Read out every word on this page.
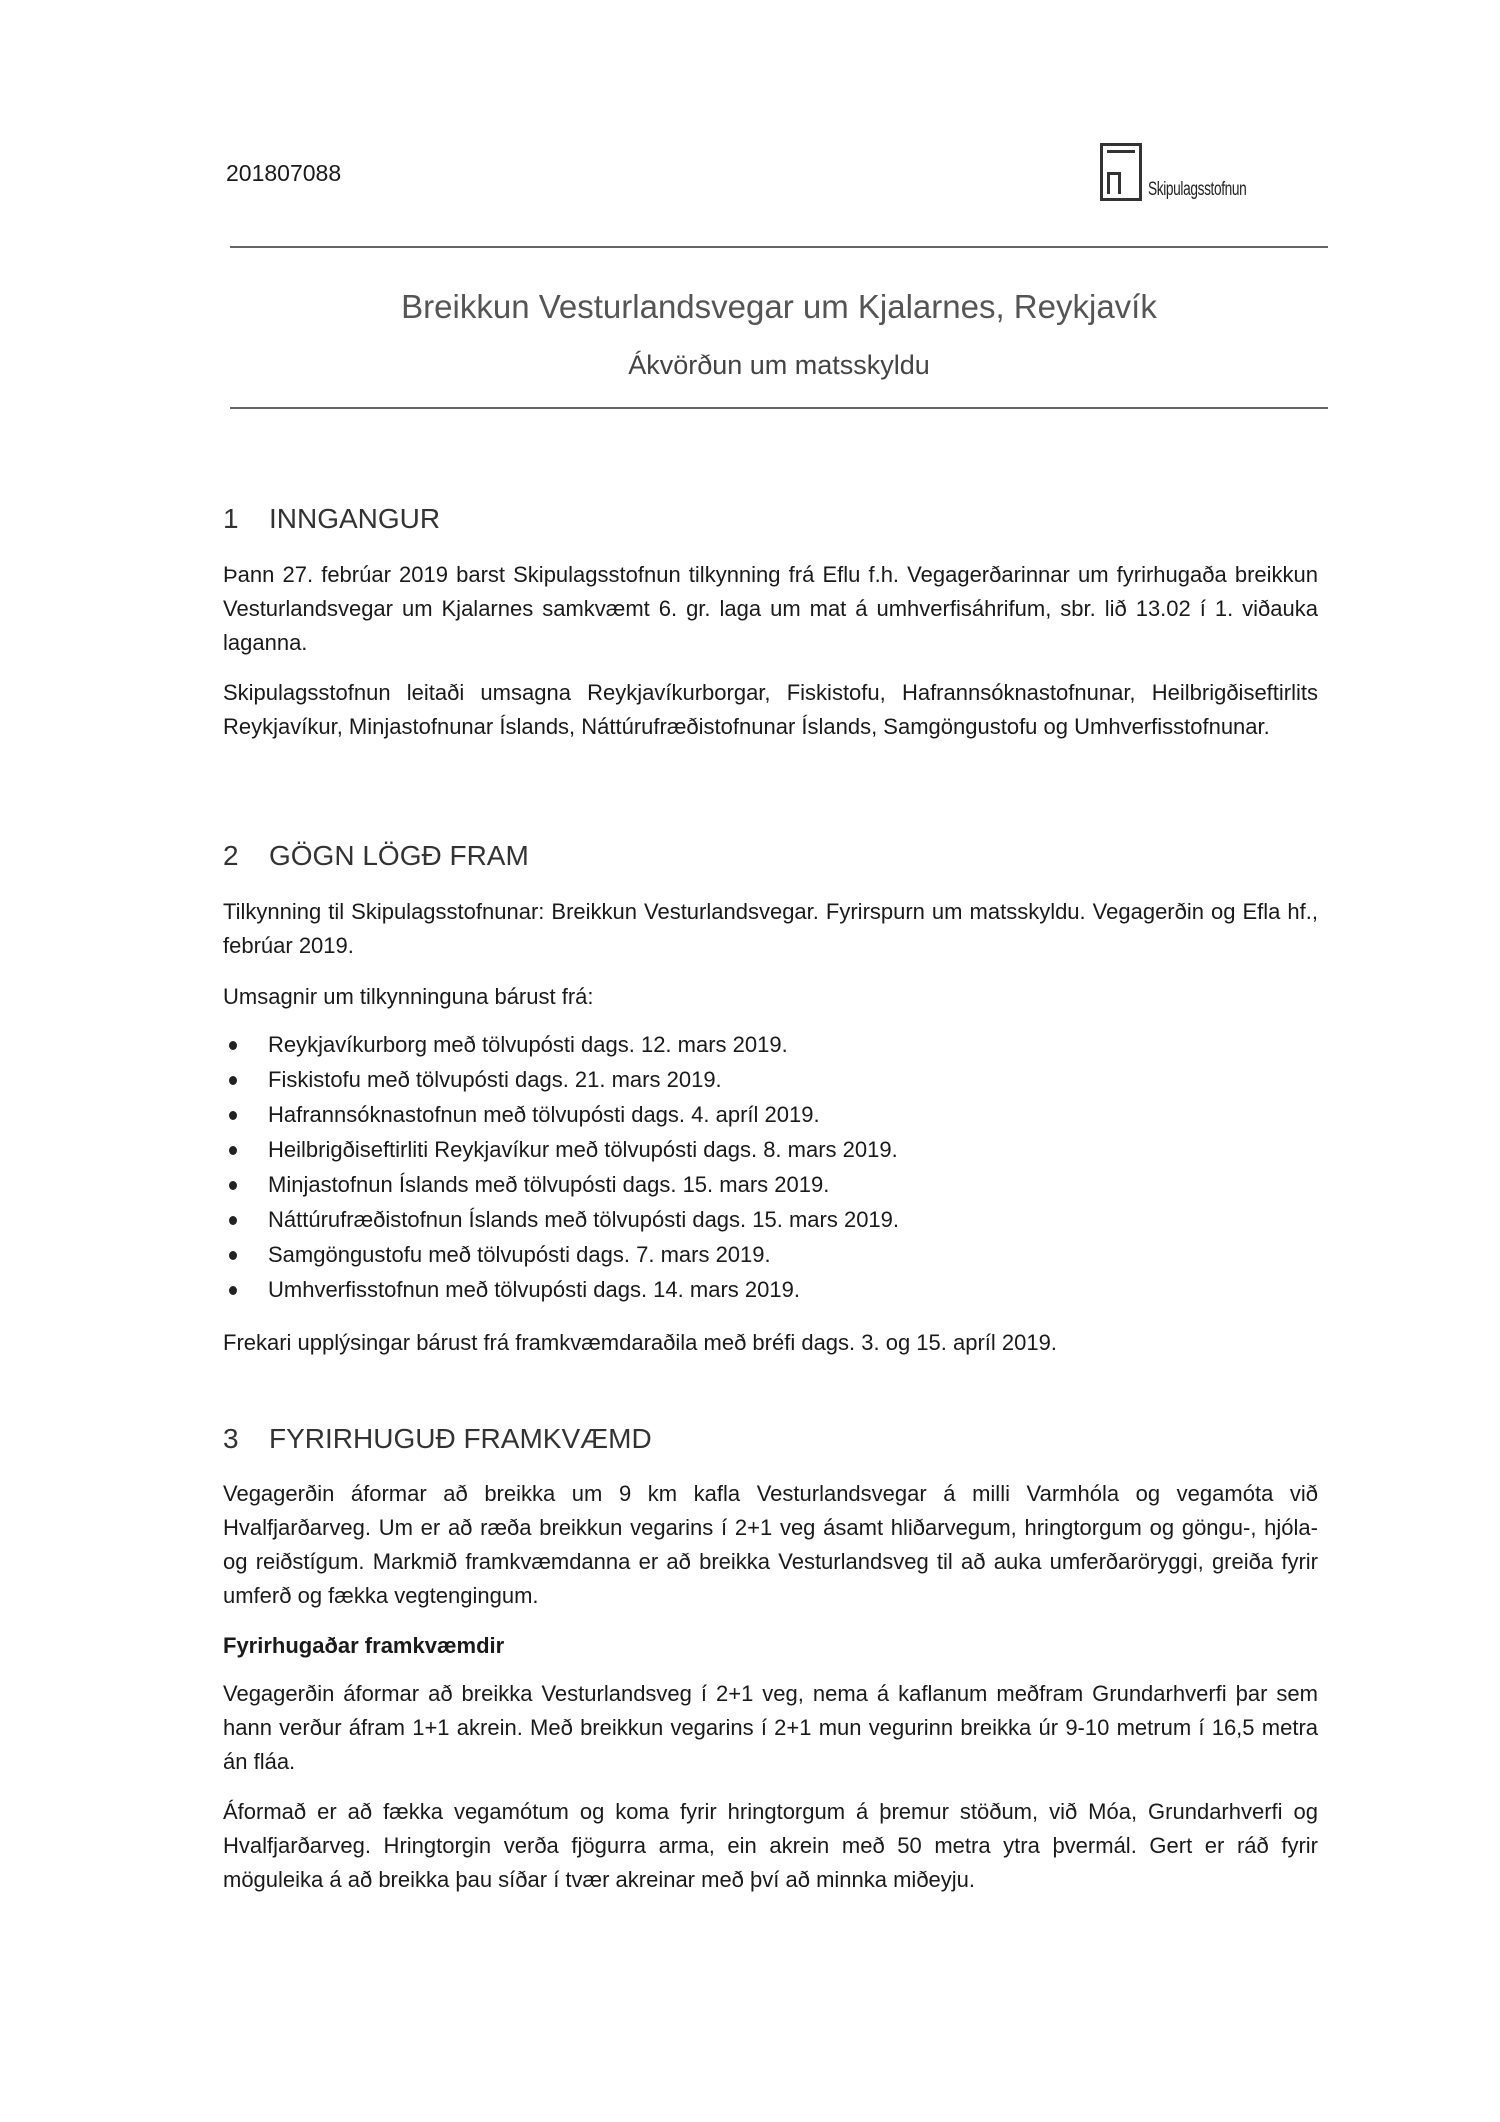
201807088
Skipulagsstofnun
Breikkun Vesturlandsvegar um Kjalarnes, Reykjavík
Ákvörðun um matsskyldu
1 INNGANGUR
Þann 27. febrúar 2019 barst Skipulagsstofnun tilkynning frá Eflu f.h. Vegagerðarinnar um fyrirhugaða breikkun Vesturlandsvegar um Kjalarnes samkvæmt 6. gr. laga um mat á umhverfisáhrifum, sbr. lið 13.02 í 1. viðauka laganna.
Skipulagsstofnun leitaði umsagna Reykjavíkurborgar, Fiskistofu, Hafrannsóknastofnunar, Heilbrigðiseftirlits Reykjavíkur, Minjastofnunar Íslands, Náttúrufræðistofnunar Íslands, Samgöngustofu og Umhverfisstofnunar.
2 GÖGN LÖGÐ FRAM
Tilkynning til Skipulagsstofnunar: Breikkun Vesturlandsvegar. Fyrirspurn um matsskyldu. Vegagerðin og Efla hf., febrúar 2019.
Umsagnir um tilkynninguna bárust frá:
Reykjavíkurborg með tölvupósti dags. 12. mars 2019.
Fiskistofu með tölvupósti dags. 21. mars 2019.
Hafrannsóknastofnun með tölvupósti dags. 4. apríl 2019.
Heilbrigðiseftirliti Reykjavíkur með tölvupósti dags. 8. mars 2019.
Minjastofnun Íslands með tölvupósti dags. 15. mars 2019.
Náttúrufræðistofnun Íslands með tölvupósti dags. 15. mars 2019.
Samgöngustofu með tölvupósti dags. 7. mars 2019.
Umhverfisstofnun með tölvupósti dags. 14. mars 2019.
Frekari upplýsingar bárust frá framkvæmdaraðila með bréfi dags. 3. og 15. apríl 2019.
3 FYRIRHUGUÐ FRAMKVÆMD
Vegagerðin áformar að breikka um 9 km kafla Vesturlandsvegar á milli Varmhóla og vegamóta við Hvalfjarðarveg. Um er að ræða breikkun vegarins í 2+1 veg ásamt hliðarvegum, hringtorgum og göngu-, hjóla- og reiðstígum. Markmið framkvæmdanna er að breikka Vesturlandsveg til að auka umferðaröryggi, greiða fyrir umferð og fækka vegtengingum.
Fyrirhugaðar framkvæmdir
Vegagerðin áformar að breikka Vesturlandsveg í 2+1 veg, nema á kaflanum meðfram Grundarhverfi þar sem hann verður áfram 1+1 akrein. Með breikkun vegarins í 2+1 mun vegurinn breikka úr 9-10 metrum í 16,5 metra án fláa.
Áformað er að fækka vegamótum og koma fyrir hringtorgum á þremur stöðum, við Móa, Grundarhverfi og Hvalfjarðarveg. Hringtorgin verða fjögurra arma, ein akrein með 50 metra ytra þvermál. Gert er ráð fyrir möguleika á að breikka þau síðar í tvær akreinar með því að minnka miðeyju.
